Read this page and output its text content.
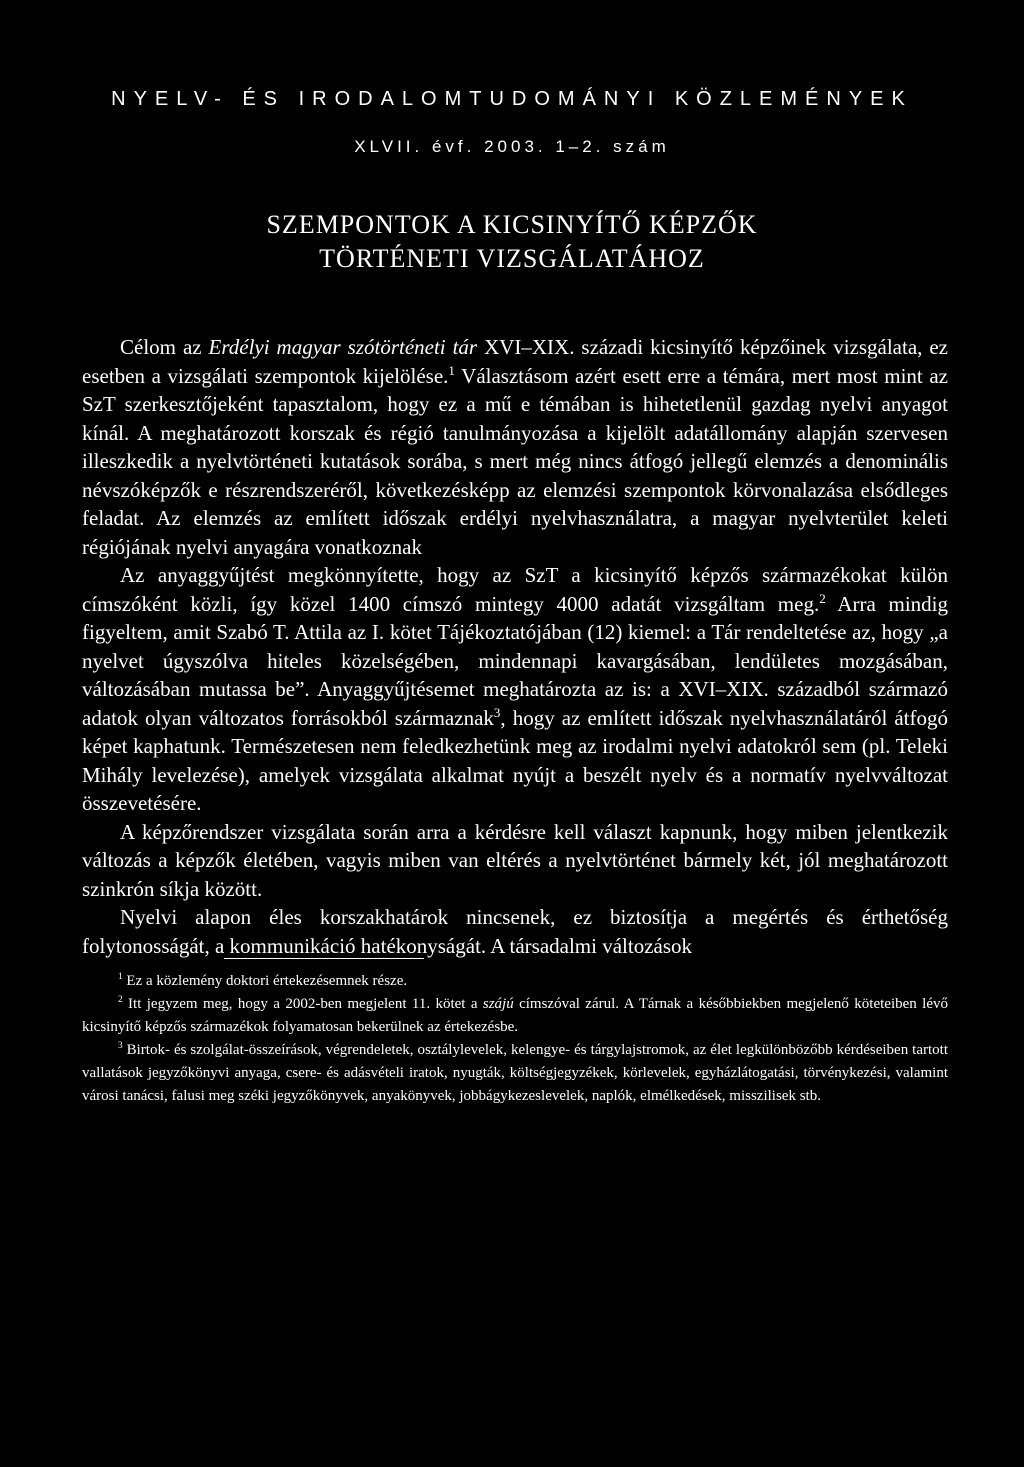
NYELV- ÉS IRODALOMTUDOMÁNYI KÖZLEMÉNYEK
XLVII. évf. 2003. 1–2. szám
SZEMPONTOK A KICSINYÍTŐ KÉPZŐK
TÖRTÉNETI VIZSGÁLATÁHOZ

Célom az Erdélyi magyar szótörténeti tár XVI–XIX. századi kicsinyítő képzőinek vizsgálata, ez esetben a vizsgálati szempontok kijelölése.$^1$ Választásom azért esett erre a témára, mert most mint az SzT szerkesztőjeként tapasztalom, hogy ez a mű e témában is hihetetlenül gazdag nyelvi anyagot kínál. A meghatározott korszak és régió tanulmányozása a kijelölt adatállomány alapján szervesen illeszkedik a nyelvtörténeti kutatások sorába, s mert még nincs átfogó jellegű elemzés a denominális névszóképzők e részrendszeréről, következésképp az elemzési szempontok körvonalazása elsődleges feladat. Az elemzés az említett időszak erdélyi nyelvhasználatra, a magyar nyelvterület keleti régiójának nyelvi anyagára vonatkoznak

Az anyaggyűjtést megkönnyítette, hogy az SzT a kicsinyítő képzős származékokat külön címszóként közli, így közel 1400 címszó mintegy 4000 adatát vizsgáltam meg.$^2$ Arra mindig figyeltem, amit Szabó T. Attila az I. kötet Tájékoztatójában (12) kiemel: a Tár rendeltetése az, hogy „a nyelvet úgyszólva hiteles közelségében, mindennapi kavargásában, lendületes mozgásában, változásában mutassa be”. Anyaggyűjtésemet meghatározta az is: a XVI–XIX. századból származó adatok olyan változatos forrásokból származnak$^3$, hogy az említett időszak nyelvhasználatáról átfogó képet kaphatunk. Természetesen nem feledkezhetünk meg az irodalmi nyelvi adatokról sem (pl. Teleki Mihály levelezése), amelyek vizsgálata alkalmat nyújt a beszélt nyelv és a normatív nyelvváltozat összevetésére.

A képzőrendszer vizsgálata során arra a kérdésre kell választ kapnunk, hogy miben jelentkezik változás a képzők életében, vagyis miben van eltérés a nyelvtörténet bármely két, jól meghatározott szinkrón síkja között.

Nyelvi alapon éles korszakhatárok nincsenek, ez biztosítja a megértés és érthetőség folytonosságát, a kommunikáció hatékonyságát. A társadalmi változások

$^1$ Ez a közlemény doktori értekezésemnek része.

$^2$ Itt jegyzem meg, hogy a 2002-ben megjelent 11. kötet a szájú címszóval zárul. A Tárnak a későbbiekben megjelenő köteteiben lévő kicsinyítő képzős származékok folyamatosan bekerülnek az értekezésbe.

$^3$ Birtok- és szolgálat-összeírások, végrendeletek, osztálylevelek, kelengye- és tárgylajstromok, az élet legkülönbözőbb kérdéseiben tartott vallatások jegyzőkönyvi anyaga, csere- és adásvételi iratok, nyugták, költségjegyzékek, körlevelek, egyházlátogatási, törvénykezési, valamint városi tanácsi, falusi meg széki jegyzőkönyvek, anyakönyvek, jobbágykezeslevelek, naplók, elmélkedések, misszilisek stb.
